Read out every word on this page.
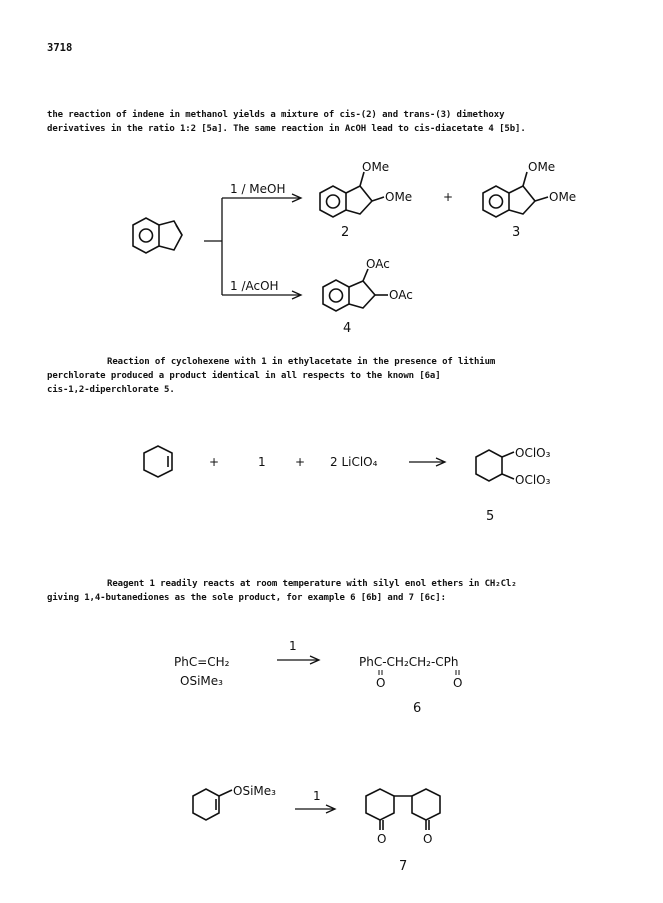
3718

the reaction of indene in methanol yields a mixture of cis-(2) and trans-(3) dimethoxy
derivatives in the ratio 1:2 [5a]. The same reaction in AcOH lead to cis-diacetate 4 [5b].

1 / MeOH
1 /AcOH
OMe
OMe
2
+
OMe
OMe
3
OAc
OAc
4

Reaction of cyclohexene with 1 in ethylacetate in the presence of lithium
perchlorate produced a product identical in all respects to the known [6a]
cis-1,2-diperchlorate 5.

+	1 + 2 LiClO₄
OClO₃
OClO₃
5

Reagent 1 readily reacts at room temperature with silyl enol ethers in CH₂Cl₂
giving 1,4-butanediones as the sole product, for example 6 [6b] and 7 [6c]:

PhC=CH₂
OSiMe₃
1
PhC-CH₂CH₂-CPh
O	O
6
OSiMe₃	1
O	O
7
